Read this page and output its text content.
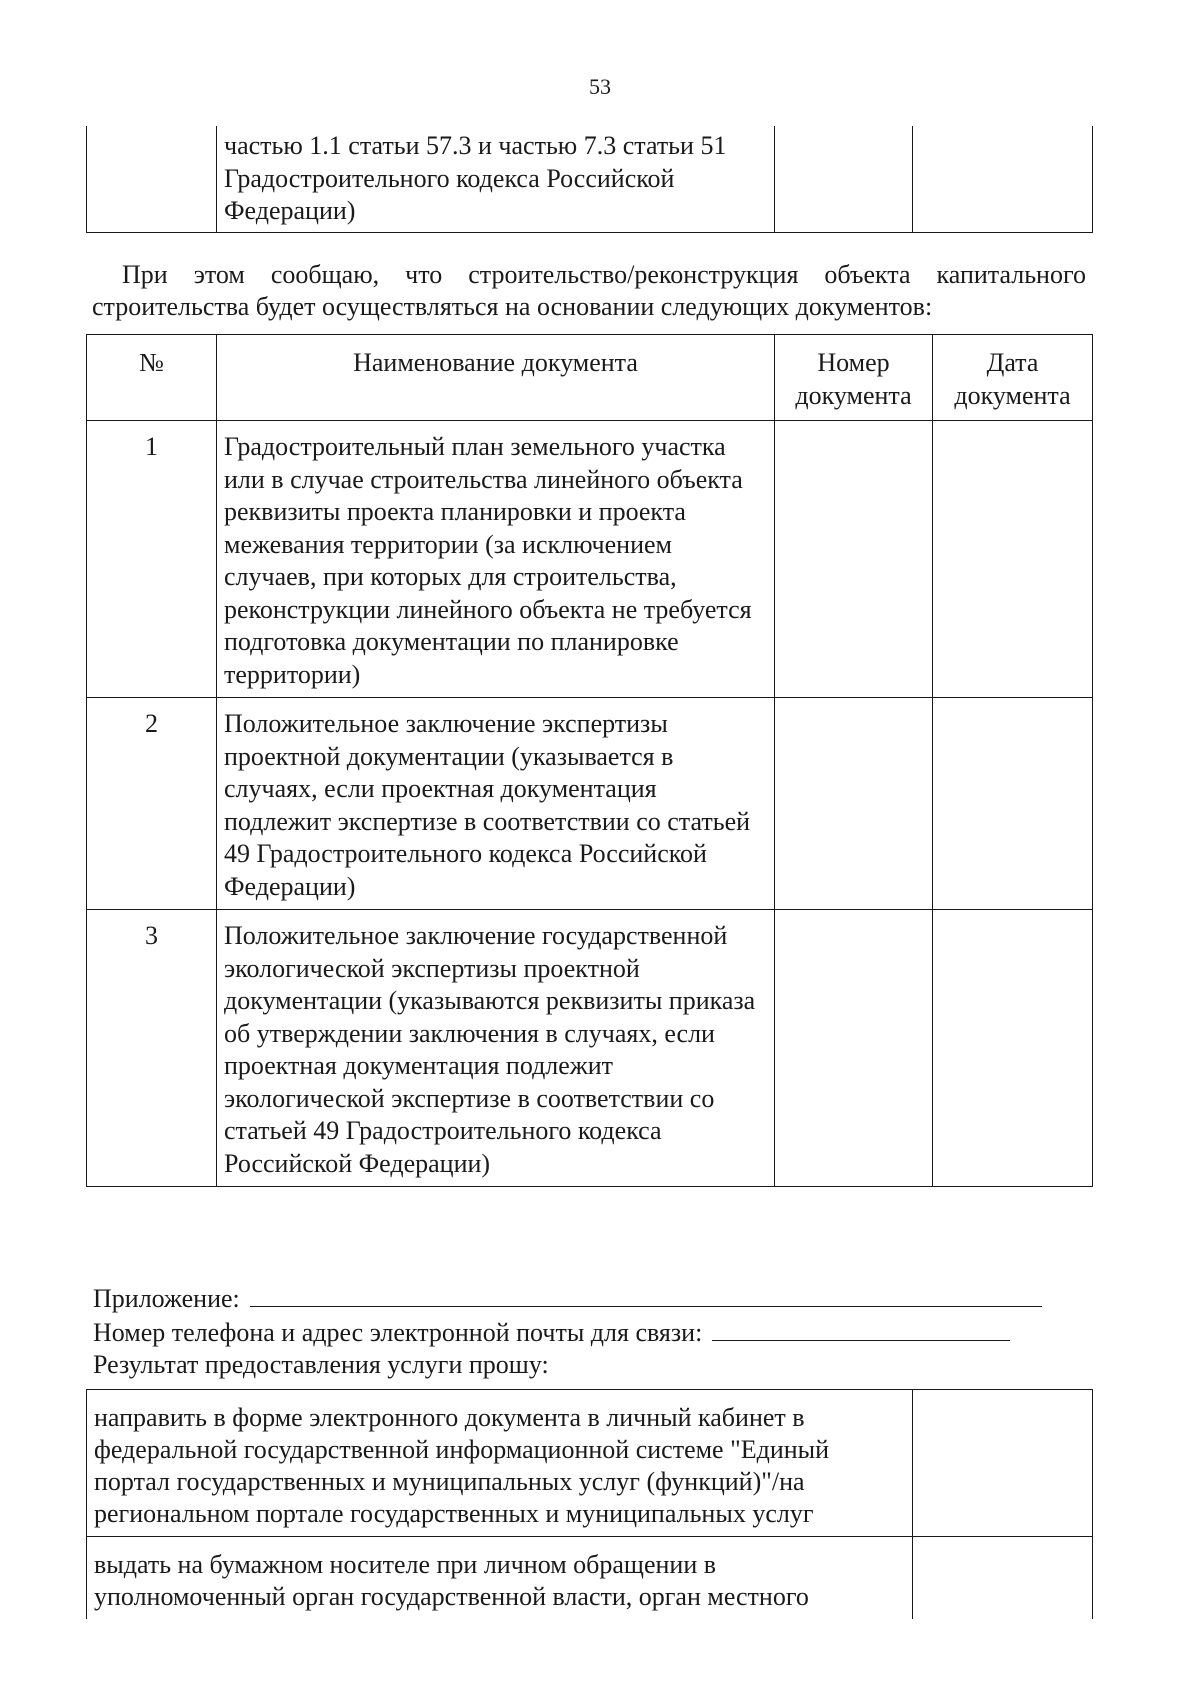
53
	частью 1.1 статьи 57.3 и частью 7.3 статьи 51 Градостроительного кодекса Российской Федерации)		

При этом сообщаю, что строительство/реконструкция объекта капитального строительства будет осуществляться на основании следующих документов:

№	Наименование документа	Номер документа	Дата документа
1	Градостроительный план земельного участка или в случае строительства линейного объекта реквизиты проекта планировки и проекта межевания территории (за исключением случаев, при которых для строительства, реконструкции линейного объекта не требуется подготовка документации по планировке территории)		
2	Положительное заключение экспертизы проектной документации (указывается в случаях, если проектная документация подлежит экспертизе в соответствии со статьей 49 Градостроительного кодекса Российской Федерации)		
3	Положительное заключение государственной экологической экспертизы проектной документации (указываются реквизиты приказа об утверждении заключения в случаях, если проектная документация подлежит экологической экспертизе в соответствии со статьей 49 Градостроительного кодекса Российской Федерации)		
Приложение:
Номер телефона и адрес электронной почты для связи:
Результат предоставления услуги прошу:
направить в форме электронного документа в личный кабинет в федеральной государственной информационной системе "Единый портал государственных и муниципальных услуг (функций)"/на региональном портале государственных и муниципальных услуг	
выдать на бумажном носителе при личном обращении в уполномоченный орган государственной власти, орган местного	
